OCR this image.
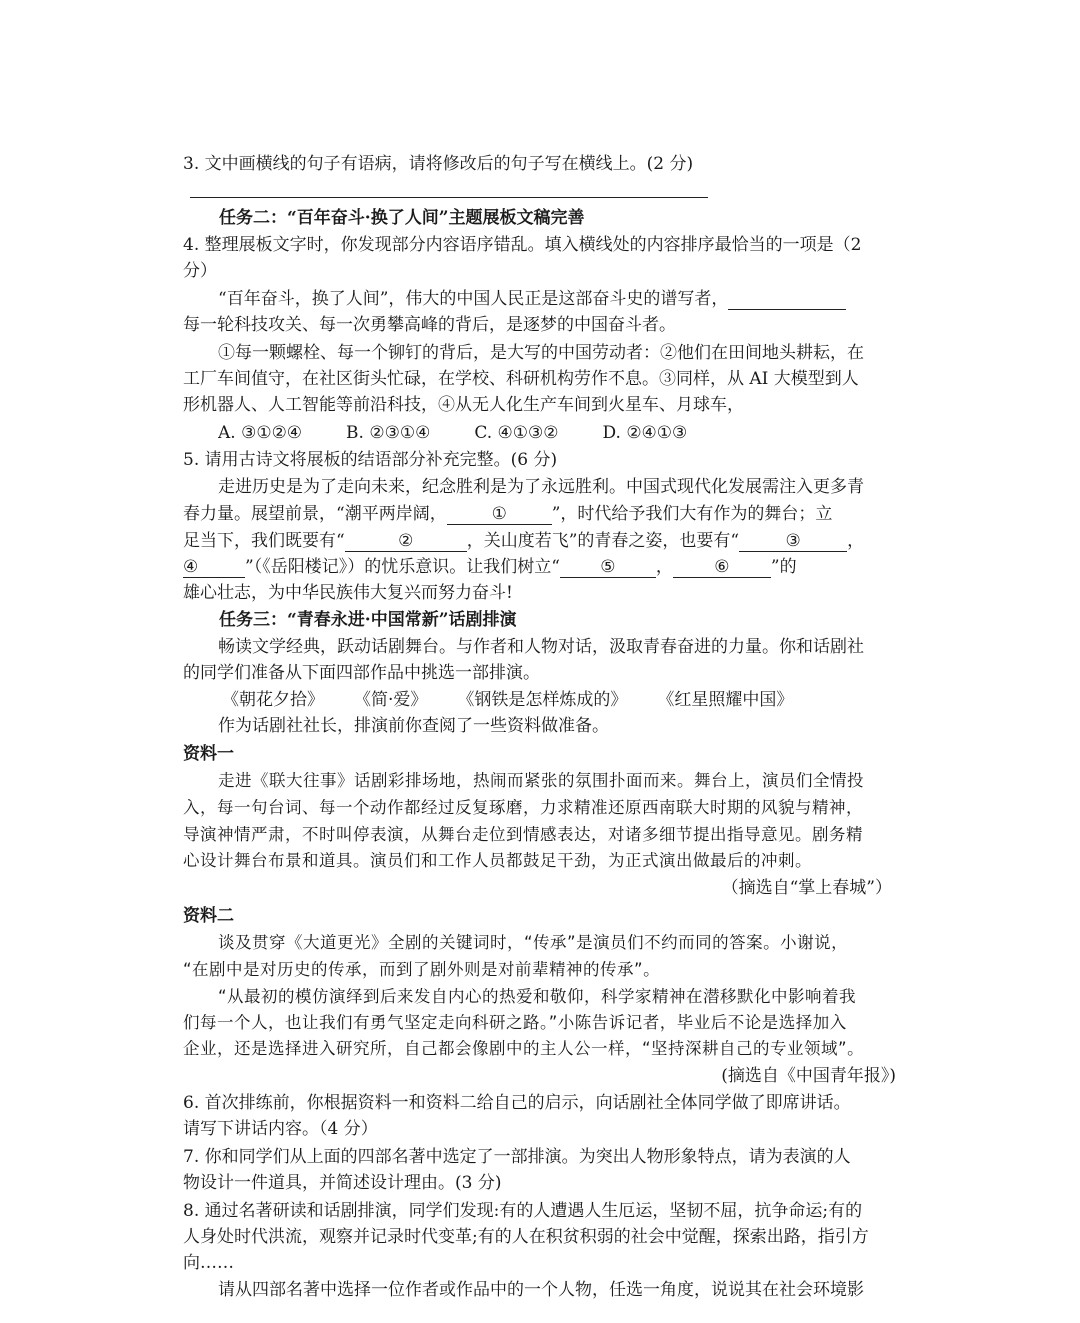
3. 文中画横线的句子有语病，请将修改后的句子写在横线上。(2 分)
任务二：“百年奋斗·换了人间”主题展板文稿完善
4. 整理展板文字时，你发现部分内容语序错乱。填入横线处的内容排序最恰当的一项是（2
分）
“百年奋斗，换了人间”，伟大的中国人民正是这部奋斗史的谱写者，
每一轮科技攻关、每一次勇攀高峰的背后，是逐梦的中国奋斗者。
①每一颗螺栓、每一个铆钉的背后，是大写的中国劳动者：②他们在田间地头耕耘，在
工厂车间值守，在社区街头忙碌，在学校、科研机构劳作不息。③同样，从 AI 大模型到人
形机器人、人工智能等前沿科技，④从无人化生产车间到火星车、月球车，
A. ③①②④	B. ②③①④	C. ④①③②	D. ②④①③
5. 请用古诗文将展板的结语部分补充完整。(6 分)
走进历史是为了走向未来，纪念胜利是为了永远胜利。中国式现代化发展需注入更多青
春力量。展望前景，“潮平两岸阔，	①	”，时代给予我们大有作为的舞台；立
足当下，我们既要有“	②	，关山度若飞”的青春之姿，也要有“	③	，
④	”（《岳阳楼记》）的忧乐意识。让我们树立“ ⑤ ， ⑥ ”的
雄心壮志，为中华民族伟大复兴而努力奋斗!
任务三：“青春永进·中国常新”话剧排演
畅读文学经典，跃动话剧舞台。与作者和人物对话，汲取青春奋进的力量。你和话剧社
的同学们准备从下面四部作品中挑选一部排演。
《朝花夕拾》 《简·爱》 《钢铁是怎样炼成的》 《红星照耀中国》
作为话剧社社长，排演前你查阅了一些资料做准备。
资料一
走进《联大往事》话剧彩排场地，热闹而紧张的氛围扑面而来。舞台上，演员们全情投
入，每一句台词、每一个动作都经过反复琢磨，力求精准还原西南联大时期的风貌与精神，
导演神情严肃，不时叫停表演，从舞台走位到情感表达，对诸多细节提出指导意见。剧务精
心设计舞台布景和道具。演员们和工作人员都鼓足干劲，为正式演出做最后的冲刺。
（摘选自“掌上春城”）
资料二
谈及贯穿《大道更光》全剧的关键词时，“传承”是演员们不约而同的答案。小谢说，
“在剧中是对历史的传承，而到了剧外则是对前辈精神的传承”。
“从最初的模仿演绎到后来发自内心的热爱和敬仰，科学家精神在潜移默化中影响着我
们每一个人，也让我们有勇气坚定走向科研之路。”小陈告诉记者，毕业后不论是选择加入
企业，还是选择进入研究所，自己都会像剧中的主人公一样，“坚持深耕自己的专业领域”。
(摘选自《中国青年报》)
6. 首次排练前，你根据资料一和资料二给自己的启示，向话剧社全体同学做了即席讲话。
请写下讲话内容。（4 分）
7. 你和同学们从上面的四部名著中选定了一部排演。为突出人物形象特点，请为表演的人
物设计一件道具，并简述设计理由。(3 分)
8. 通过名著研读和话剧排演，同学们发现:有的人遭遇人生厄运，坚韧不屈，抗争命运;有的
人身处时代洪流，观察并记录时代变革;有的人在积贫积弱的社会中觉醒，探索出路，指引方
向……
请从四部名著中选择一位作者或作品中的一个人物，任选一角度，说说其在社会环境影
